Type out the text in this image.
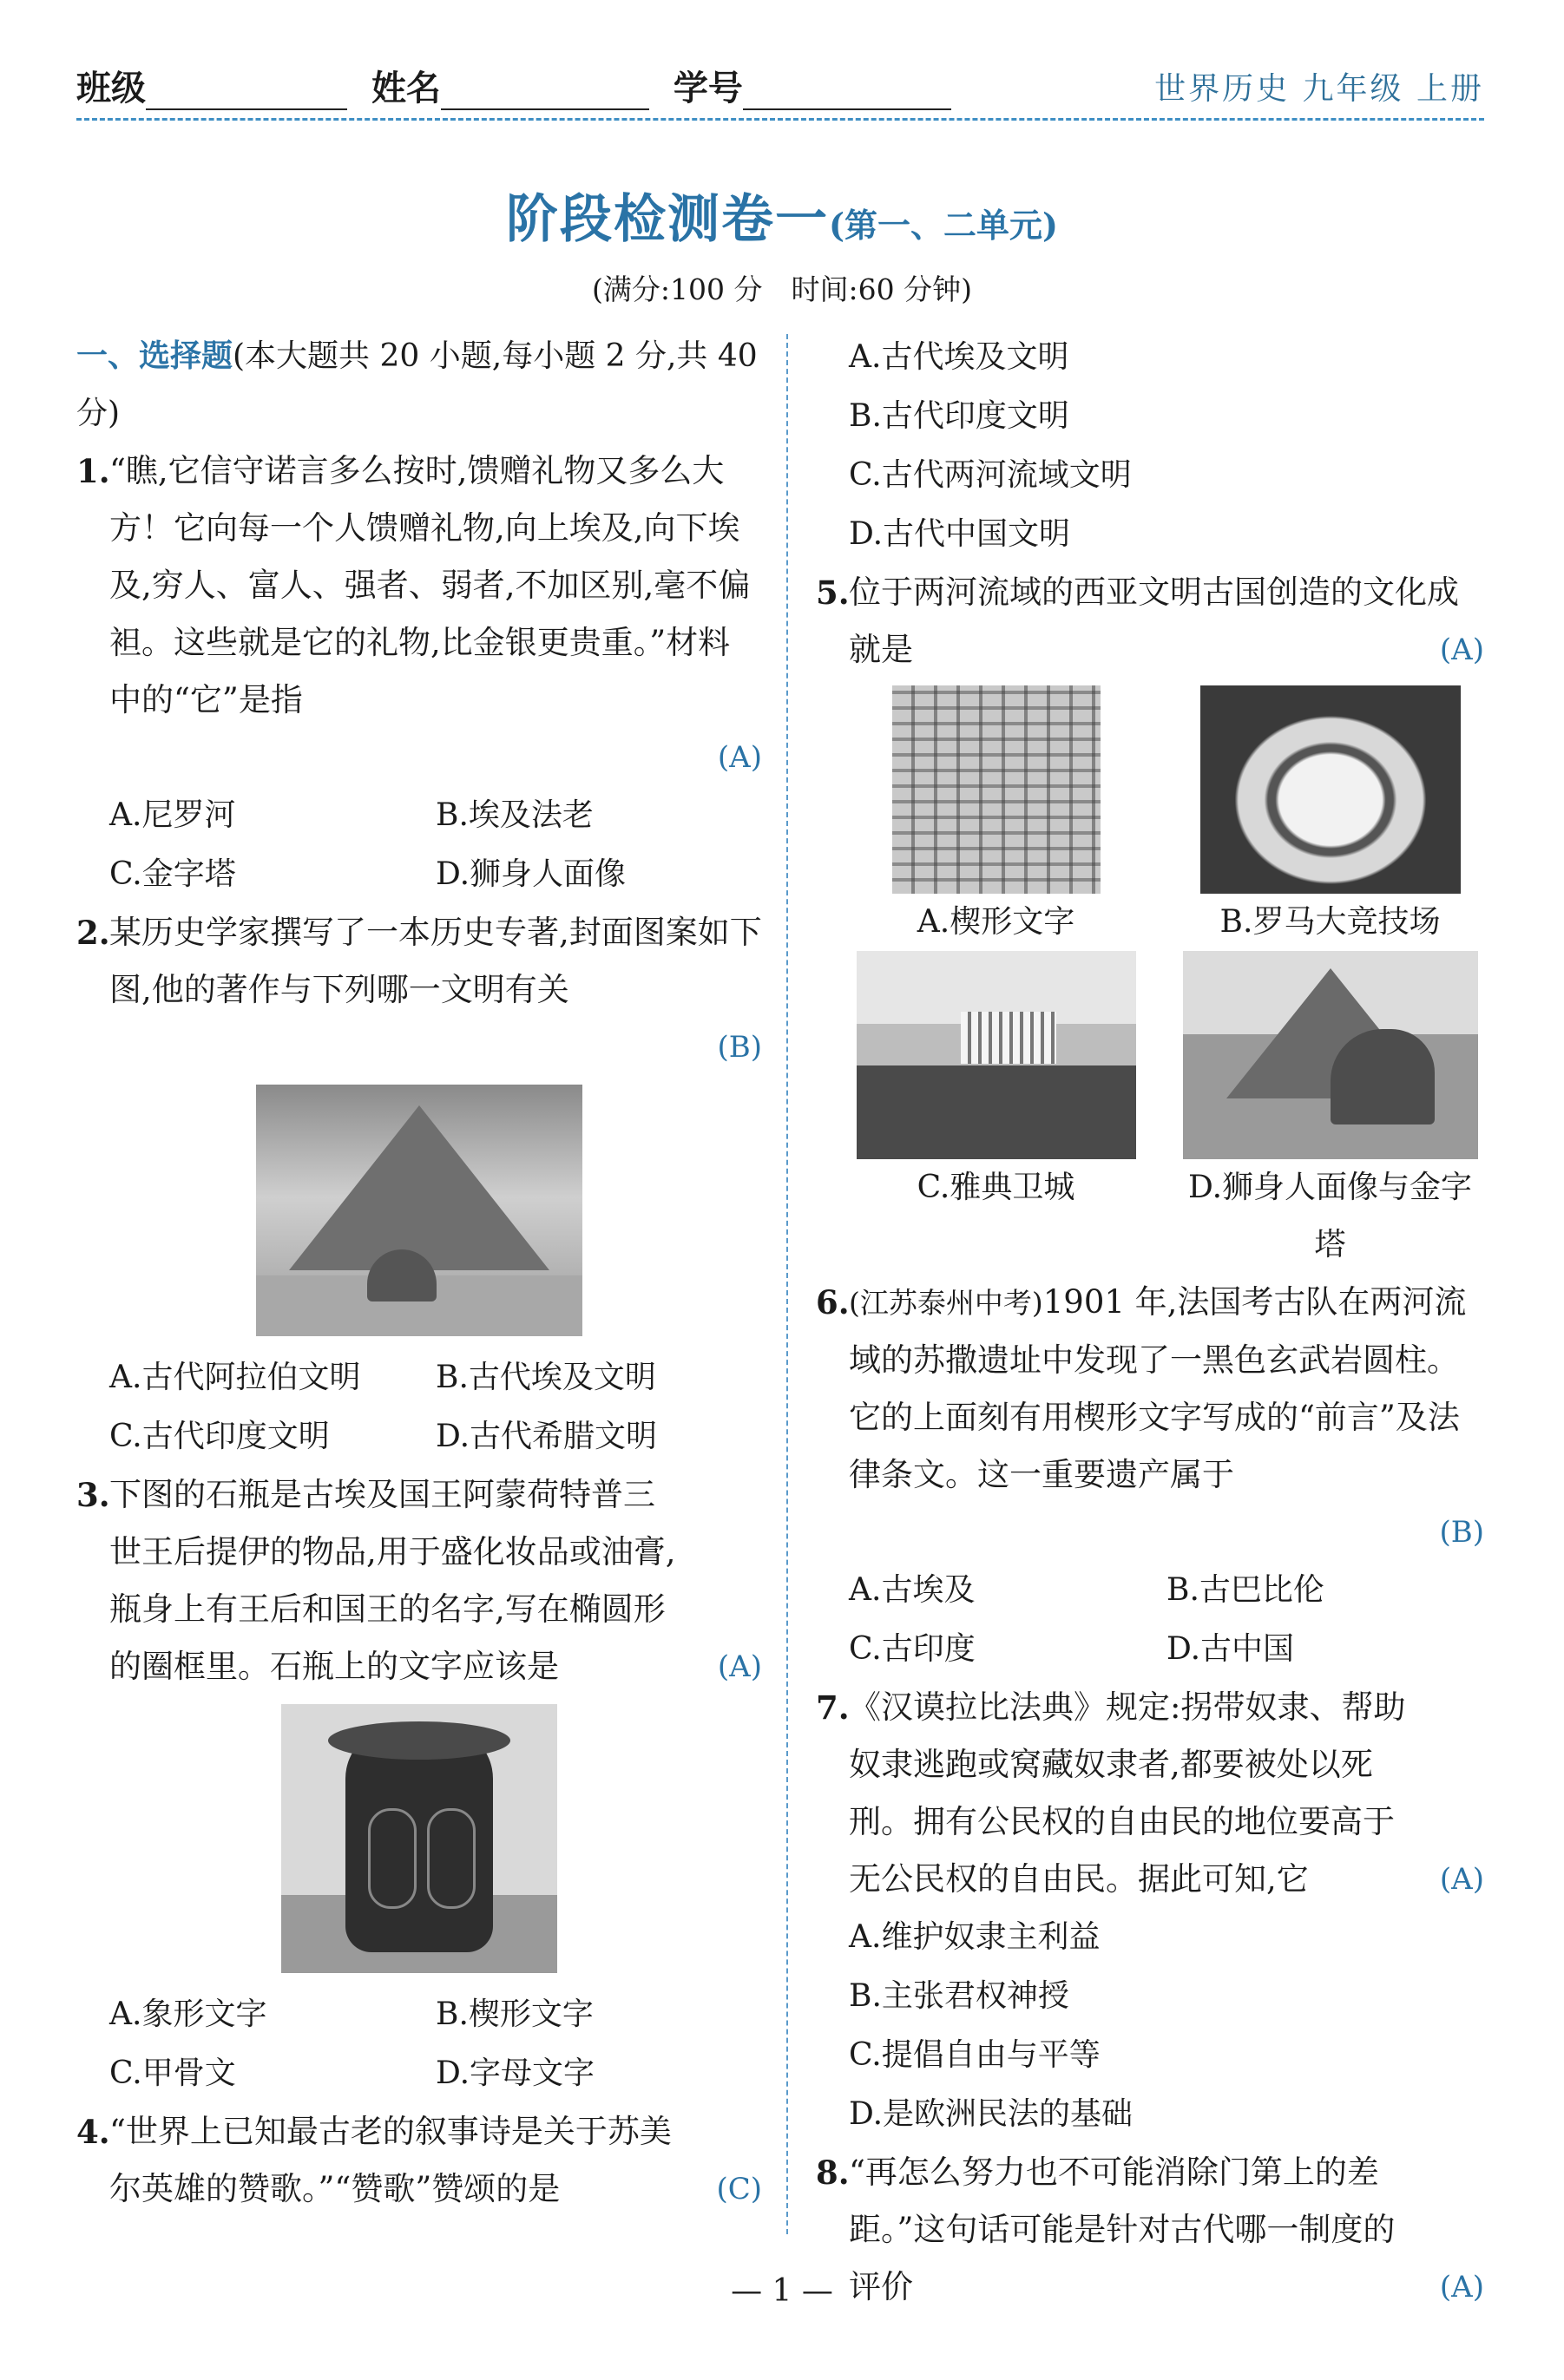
班级	姓名	学号	世界历史 九年级 上册
阶段检测卷一(第一、二单元)
(满分:100 分　时间:60 分钟)
一、选择题(本大题共 20 小题,每小题 2 分,共 40 分)
1. “瞧,它信守诺言多么按时,馈赠礼物又多么大方！它向每一个人馈赠礼物,向上埃及,向下埃及,穷人、富人、强者、弱者,不加区别,毫不偏袒。这些就是它的礼物,比金银更贵重。”材料中的“它”是指
(A)
A.尼罗河	B.埃及法老
C.金字塔	D.狮身人面像
2. 某历史学家撰写了一本历史专著,封面图案如下图,他的著作与下列哪一文明有关
(B)
A.古代阿拉伯文明	B.古代埃及文明
C.古代印度文明	D.古代希腊文明
3. 下图的石瓶是古埃及国王阿蒙荷特普三世王后提伊的物品,用于盛化妆品或油膏,瓶身上有王后和国王的名字,写在椭圆形的圈框里。石瓶上的文字应该是	(A)
A.象形文字	B.楔形文字
C.甲骨文	D.字母文字
4. “世界上已知最古老的叙事诗是关于苏美尔英雄的赞歌。”“赞歌”赞颂的是	(C)
A.古代埃及文明
B.古代印度文明
C.古代两河流域文明
D.古代中国文明
5. 位于两河流域的西亚文明古国创造的文化成就是	(A)
A.楔形文字	B.罗马大竞技场
C.雅典卫城	D.狮身人面像与金字塔
6. (江苏泰州中考)1901 年,法国考古队在两河流域的苏撒遗址中发现了一黑色玄武岩圆柱。它的上面刻有用楔形文字写成的“前言”及法律条文。这一重要遗产属于
(B)
A.古埃及	B.古巴比伦
C.古印度	D.古中国
7. 《汉谟拉比法典》规定:拐带奴隶、帮助奴隶逃跑或窝藏奴隶者,都要被处以死刑。拥有公民权的自由民的地位要高于无公民权的自由民。据此可知,它	(A)
A.维护奴隶主利益
B.主张君权神授
C.提倡自由与平等
D.是欧洲民法的基础
8. “再怎么努力也不可能消除门第上的差距。”这句话可能是针对古代哪一制度的评价	(A)
— 1 —
